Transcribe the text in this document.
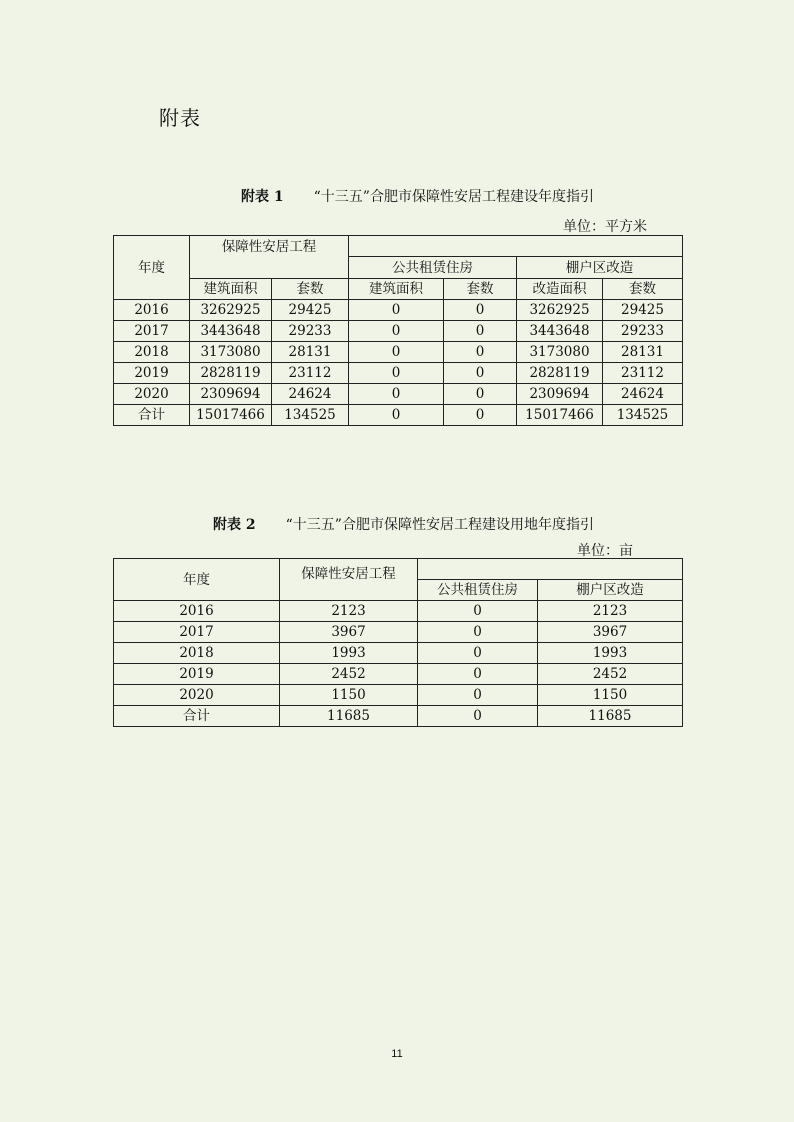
附表
附表 1 “十三五”合肥市保障性安居工程建设年度指引
单位：平方米
年度	保障性安居工程					
			公共租赁住房		棚户区改造	
	建筑面积	套数	建筑面积	套数	改造面积	套数
2016	3262925	29425	0	0	3262925	29425
2017	3443648	29233	0	0	3443648	29233
2018	3173080	28131	0	0	3173080	28131
2019	2828119	23112	0	0	2828119	23112
2020	2309694	24624	0	0	2309694	24624
合计	15017466	134525	0	0	15017466	134525
附表 2 “十三五”合肥市保障性安居工程建设用地年度指引
单位：亩
年度	保障性安居工程		
		公共租赁住房	棚户区改造
2016	2123	0	2123
2017	3967	0	3967
2018	1993	0	1993
2019	2452	0	2452
2020	1150	0	1150
合计	11685	0	11685
11
